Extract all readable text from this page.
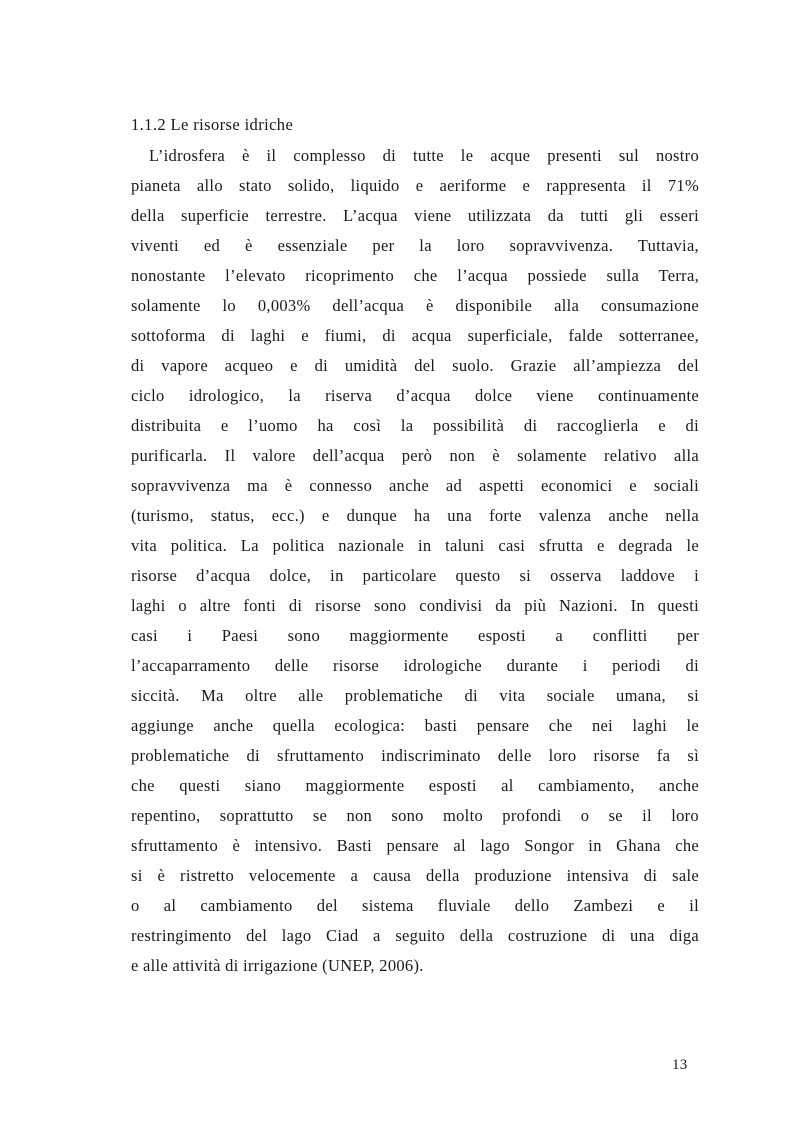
1.1.2 Le risorse idriche
L’idrosfera è il complesso di tutte le acque presenti sul nostro
pianeta allo stato solido, liquido e aeriforme e rappresenta il 71%
della superficie terrestre. L’acqua viene utilizzata da tutti gli esseri
viventi ed è essenziale per la loro sopravvivenza. Tuttavia,
nonostante l’elevato ricoprimento che l’acqua possiede sulla Terra,
solamente lo 0,003% dell’acqua è disponibile alla consumazione
sottoforma di laghi e fiumi, di acqua superficiale, falde sotterranee,
di vapore acqueo e di umidità del suolo. Grazie all’ampiezza del
ciclo idrologico, la riserva d’acqua dolce viene continuamente
distribuita e l’uomo ha così la possibilità di raccoglierla e di
purificarla. Il valore dell’acqua però non è solamente relativo alla
sopravvivenza ma è connesso anche ad aspetti economici e sociali
(turismo, status, ecc.) e dunque ha una forte valenza anche nella
vita politica. La politica nazionale in taluni casi sfrutta e degrada le
risorse d’acqua dolce, in particolare questo si osserva laddove i
laghi o altre fonti di risorse sono condivisi da più Nazioni. In questi
casi i Paesi sono maggiormente esposti a conflitti per
l’accaparramento delle risorse idrologiche durante i periodi di
siccità. Ma oltre alle problematiche di vita sociale umana, si
aggiunge anche quella ecologica: basti pensare che nei laghi le
problematiche di sfruttamento indiscriminato delle loro risorse fa sì
che questi siano maggiormente esposti al cambiamento, anche
repentino, soprattutto se non sono molto profondi o se il loro
sfruttamento è intensivo. Basti pensare al lago Songor in Ghana che
si è ristretto velocemente a causa della produzione intensiva di sale
o al cambiamento del sistema fluviale dello Zambezi e il
restringimento del lago Ciad a seguito della costruzione di una diga
e alle attività di irrigazione (UNEP, 2006).
13
